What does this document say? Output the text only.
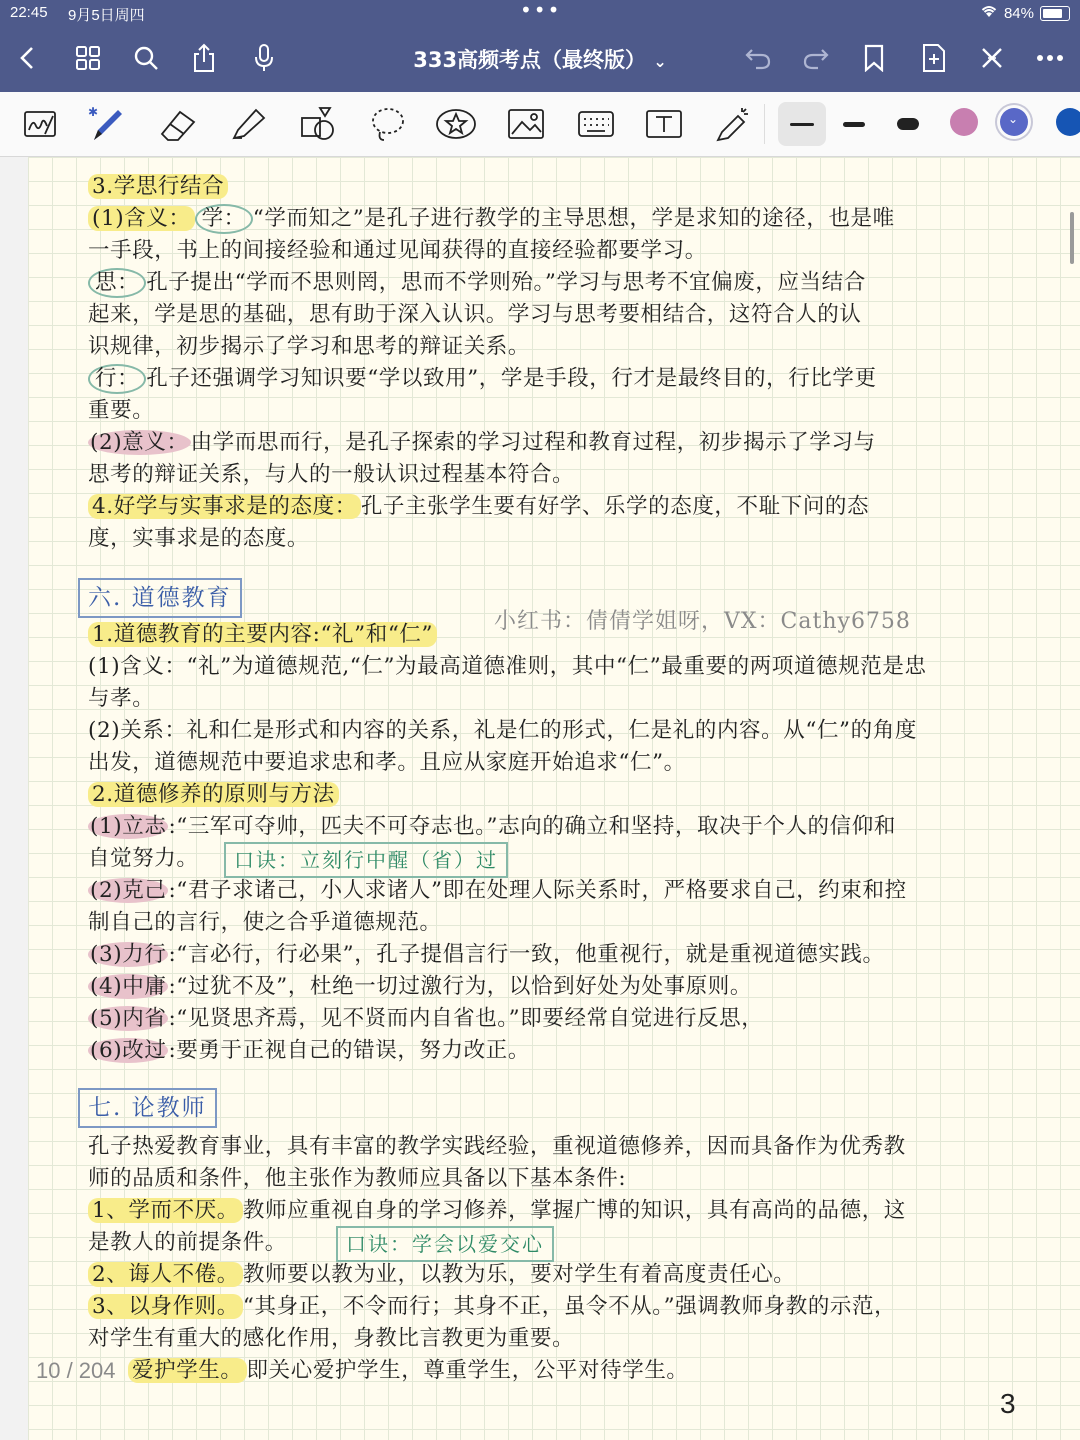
22:45 9月5日周四	•••	84%
333高频考点（最终版） ⌄
✱	⌄
3.学思行结合
(1)含义： 学： “学而知之”是孔子进行教学的主导思想，学是求知的途径，也是唯
一手段，书上的间接经验和通过见闻获得的直接经验都要学习。
思： 孔子提出“学而不思则罔，思而不学则殆。”学习与思考不宜偏废，应当结合
起来，学是思的基础，思有助于深入认识。学习与思考要相结合，这符合人的认
识规律，初步揭示了学习和思考的辩证关系。
行： 孔子还强调学习知识要“学以致用”，学是手段，行才是最终目的，行比学更
重要。
(2)意义：由学而思而行，是孔子探索的学习过程和教育过程，初步揭示了学习与
思考的辩证关系，与人的一般认识过程基本符合。
4.好学与实事求是的态度： 孔子主张学生要有好学、乐学的态度，不耻下问的态
度，实事求是的态度。
六. 道德教育
小红书：倩倩学姐呀，VX：Cathy6758
1.道德教育的主要内容:“礼”和“仁”
(1)含义：“礼”为道德规范,“仁”为最高道德准则，其中“仁”最重要的两项道德规范是忠
与孝。
(2)关系：礼和仁是形式和内容的关系，礼是仁的形式，仁是礼的内容。从“仁”的角度
出发，道德规范中要追求忠和孝。且应从家庭开始追求“仁”。
2.道德修养的原则与方法
(1)立志:“三军可夺帅，匹夫不可夺志也。”志向的确立和坚持，取决于个人的信仰和
自觉努力。	口诀：立刻行中醒（省）过
(2)克己:“君子求诸己，小人求诸人”即在处理人际关系时，严格要求自己，约束和控
制自己的言行，使之合乎道德规范。
(3)力行:“言必行，行必果”，孔子提倡言行一致，他重视行，就是重视道德实践。
(4)中庸:“过犹不及”，杜绝一切过激行为，以恰到好处为处事原则。
(5)内省:“见贤思齐焉，见不贤而内自省也。”即要经常自觉进行反思，
(6)改过:要勇于正视自己的错误，努力改正。
七. 论教师
孔子热爱教育事业，具有丰富的教学实践经验，重视道德修养，因而具备作为优秀教
师的品质和条件，他主张作为教师应具备以下基本条件:
1、学而不厌。 教师应重视自身的学习修养，掌握广博的知识，具有高尚的品德，这
是教人的前提条件。	口诀：学会以爱交心
2、诲人不倦。 教师要以教为业，以教为乐，要对学生有着高度责任心。
3、以身作则。 “其身正，不令而行；其身不正，虽令不从。”强调教师身教的示范，
对学生有重大的感化作用，身教比言教更为重要。
爱护学生。 即关心爱护学生，尊重学生，公平对待学生。
10 / 204
3
